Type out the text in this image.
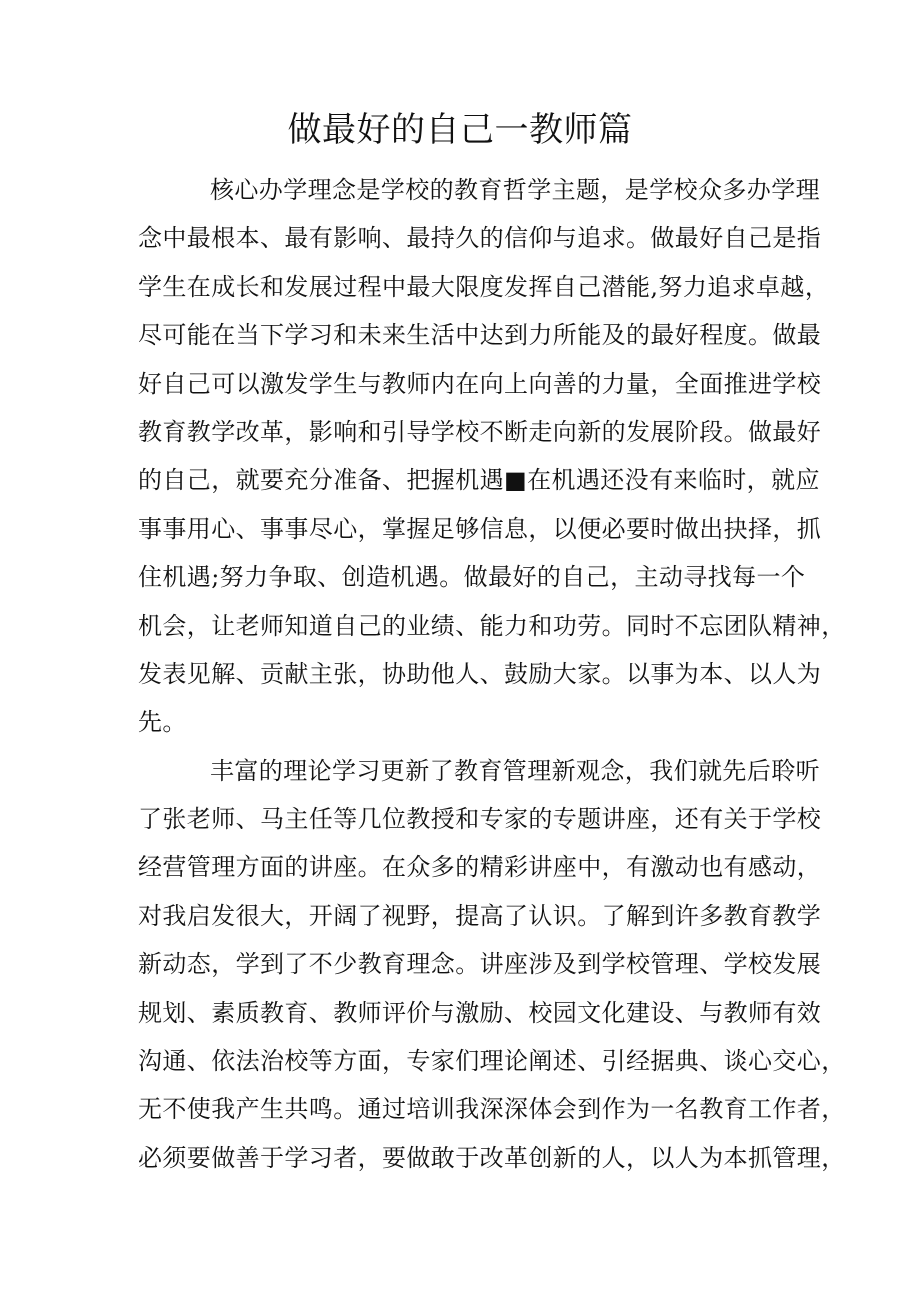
做最好的自己一教师篇
核心办学理念是学校的教育哲学主题，是学校众多办学理
念中最根本、最有影响、最持久的信仰与追求。做最好自己是指
学生在成长和发展过程中最大限度发挥自己潜能,努力追求卓越，
尽可能在当下学习和未来生活中达到力所能及的最好程度。做最
好自己可以激发学生与教师内在向上向善的力量，全面推进学校
教育教学改革，影响和引导学校不断走向新的发展阶段。做最好
的自己，就要充分准备、把握机遇■在机遇还没有来临时，就应
事事用心、事事尽心，掌握足够信息，以便必要时做出抉择，抓
住机遇;努力争取、创造机遇。做最好的自己，主动寻找每一个
机会，让老师知道自己的业绩、能力和功劳。同时不忘团队精神，
发表见解、贡献主张，协助他人、鼓励大家。以事为本、以人为
先。
丰富的理论学习更新了教育管理新观念，我们就先后聆听
了张老师、马主任等几位教授和专家的专题讲座，还有关于学校
经营管理方面的讲座。在众多的精彩讲座中，有激动也有感动，
对我启发很大，开阔了视野，提高了认识。了解到许多教育教学
新动态，学到了不少教育理念。讲座涉及到学校管理、学校发展
规划、素质教育、教师评价与激励、校园文化建设、与教师有效
沟通、依法治校等方面，专家们理论阐述、引经据典、谈心交心，
无不使我产生共鸣。通过培训我深深体会到作为一名教育工作者，
必须要做善于学习者，要做敢于改革创新的人，以人为本抓管理，
